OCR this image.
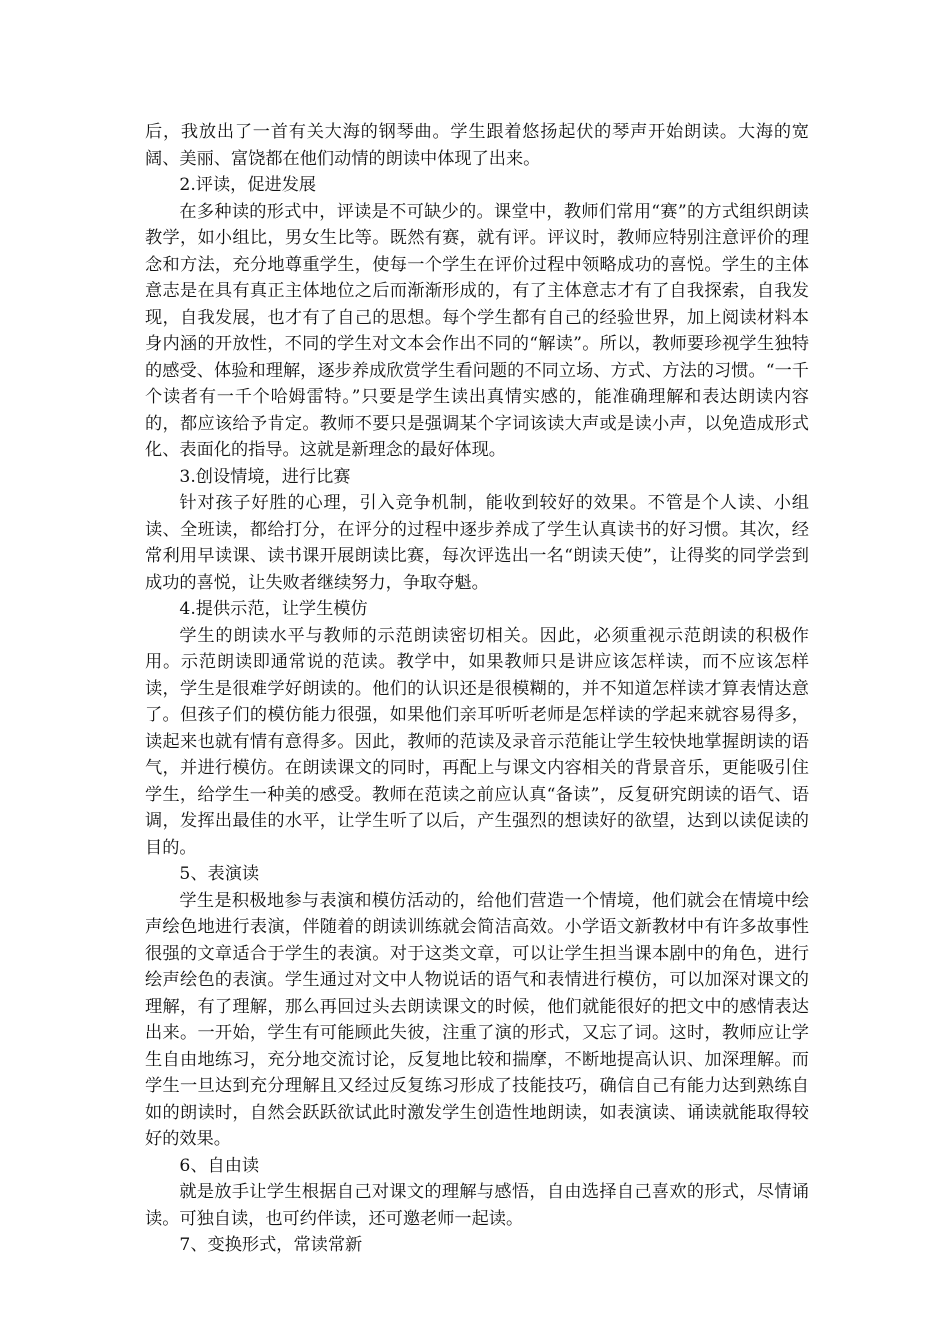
后，我放出了一首有关大海的钢琴曲。学生跟着悠扬起伏的琴声开始朗读。大海的宽阔、美丽、富饶都在他们动情的朗读中体现了出来。

2.评读，促进发展

在多种读的形式中，评读是不可缺少的。课堂中，教师们常用“赛”的方式组织朗读教学，如小组比，男女生比等。既然有赛，就有评。评议时，教师应特别注意评价的理念和方法，充分地尊重学生，使每一个学生在评价过程中领略成功的喜悦。学生的主体意志是在具有真正主体地位之后而渐渐形成的，有了主体意志才有了自我探索，自我发现，自我发展，也才有了自己的思想。每个学生都有自己的经验世界，加上阅读材料本身内涵的开放性，不同的学生对文本会作出不同的“解读”。所以，教师要珍视学生独特的感受、体验和理解，逐步养成欣赏学生看问题的不同立场、方式、方法的习惯。“一千个读者有一千个哈姆雷特。”只要是学生读出真情实感的，能准确理解和表达朗读内容的，都应该给予肯定。教师不要只是强调某个字词该读大声或是读小声，以免造成形式化、表面化的指导。这就是新理念的最好体现。

3.创设情境，进行比赛

针对孩子好胜的心理，引入竞争机制，能收到较好的效果。不管是个人读、小组读、全班读，都给打分，在评分的过程中逐步养成了学生认真读书的好习惯。其次，经常利用早读课、读书课开展朗读比赛，每次评选出一名“朗读天使”，让得奖的同学尝到成功的喜悦，让失败者继续努力，争取夺魁。

4.提供示范，让学生模仿

学生的朗读水平与教师的示范朗读密切相关。因此，必须重视示范朗读的积极作用。示范朗读即通常说的范读。教学中，如果教师只是讲应该怎样读，而不应该怎样读，学生是很难学好朗读的。他们的认识还是很模糊的，并不知道怎样读才算表情达意了。但孩子们的模仿能力很强，如果他们亲耳听听老师是怎样读的学起来就容易得多，读起来也就有情有意得多。因此，教师的范读及录音示范能让学生较快地掌握朗读的语气，并进行模仿。在朗读课文的同时，再配上与课文内容相关的背景音乐，更能吸引住学生，给学生一种美的感受。教师在范读之前应认真“备读”，反复研究朗读的语气、语调，发挥出最佳的水平，让学生听了以后，产生强烈的想读好的欲望，达到以读促读的目的。

5、表演读

学生是积极地参与表演和模仿活动的，给他们营造一个情境，他们就会在情境中绘声绘色地进行表演，伴随着的朗读训练就会简洁高效。小学语文新教材中有许多故事性很强的文章适合于学生的表演。对于这类文章，可以让学生担当课本剧中的角色，进行绘声绘色的表演。学生通过对文中人物说话的语气和表情进行模仿，可以加深对课文的理解，有了理解，那么再回过头去朗读课文的时候，他们就能很好的把文中的感情表达出来。一开始，学生有可能顾此失彼，注重了演的形式，又忘了词。这时，教师应让学生自由地练习，充分地交流讨论，反复地比较和揣摩，不断地提高认识、加深理解。而学生一旦达到充分理解且又经过反复练习形成了技能技巧，确信自己有能力达到熟练自如的朗读时，自然会跃跃欲试此时激发学生创造性地朗读，如表演读、诵读就能取得较好的效果。

6、自由读

就是放手让学生根据自己对课文的理解与感悟，自由选择自己喜欢的形式，尽情诵读。可独自读，也可约伴读，还可邀老师一起读。

7、变换形式，常读常新
